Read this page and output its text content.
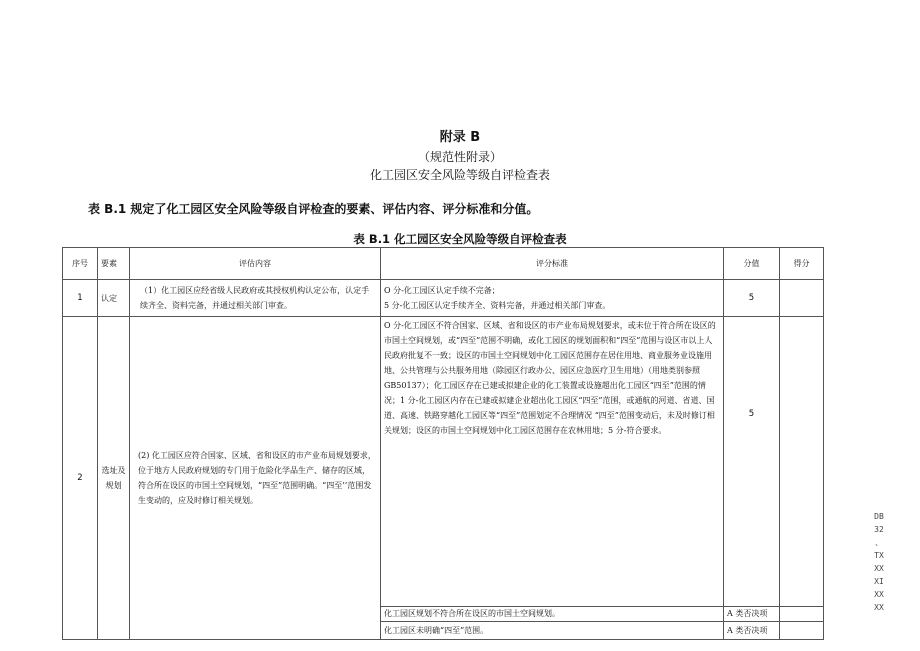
附录 B
（规范性附录）
化工园区安全风险等级自评检查表
表 B.1 规定了化工园区安全风险等级自评检查的要素、评估内容、评分标准和分值。
表 B.1 化工园区安全风险等级自评检查表
序号	要素	评估内容	评分标准	分值	得分
1	认定	（1）化工园区应经省级人民政府或其授权机构认定公布，认定手续齐全、资料完备，并通过相关部门审查。	O 分-化工园区认定手续不完备；
5 分-化工园区认定手续齐全、资料完备，并通过相关部门审查。	5	
2	选址及规划	(2) 化工园区应符合国家、区域、省和设区的市产业布局规划要求，位于地方人民政府规划的专门用于危险化学品生产、储存的区域，符合所在设区的市国土空间规划，“四至”范围明确。“四至’’范围发生变动的，应及时修订相关规划。	O 分-化工园区不符合国家、区域、省和设区的市产业布局规划要求，或未位于符合所在设区的市国土空间规划，或“四至”范围不明确，或化工园区的规划面积和“四至”范围与设区市以上人民政府批复不一致；设区的市国土空间规划中化工园区范围存在居住用地、商业服务业设施用地、公共管理与公共服务用地（除园区行政办公、园区应急医疗卫生用地）（用地类别参照 GB50137）；化工园区存在已建或拟建企业的化工装置或设施超出化工园区“四至”范围的情况；1 分-化工园区内存在已建或拟建企业超出化工园区“四至”范围，或通航的河道、省道、国道、高速、铁路穿越化工园区等“四至”范围划定不合理情况 “四至”范围变动后，未及时修订相关规划；设区的市国土空间规划中化工园区范围存在农林用地；5 分-符合要求。	5	
			化工园区规划不符合所在设区的市国土空间规划。	A 类否决项	
			化工园区未明确“四至”范围。	A 类否决项	
DB
32
、
TX
XX
XI
XX
XX
